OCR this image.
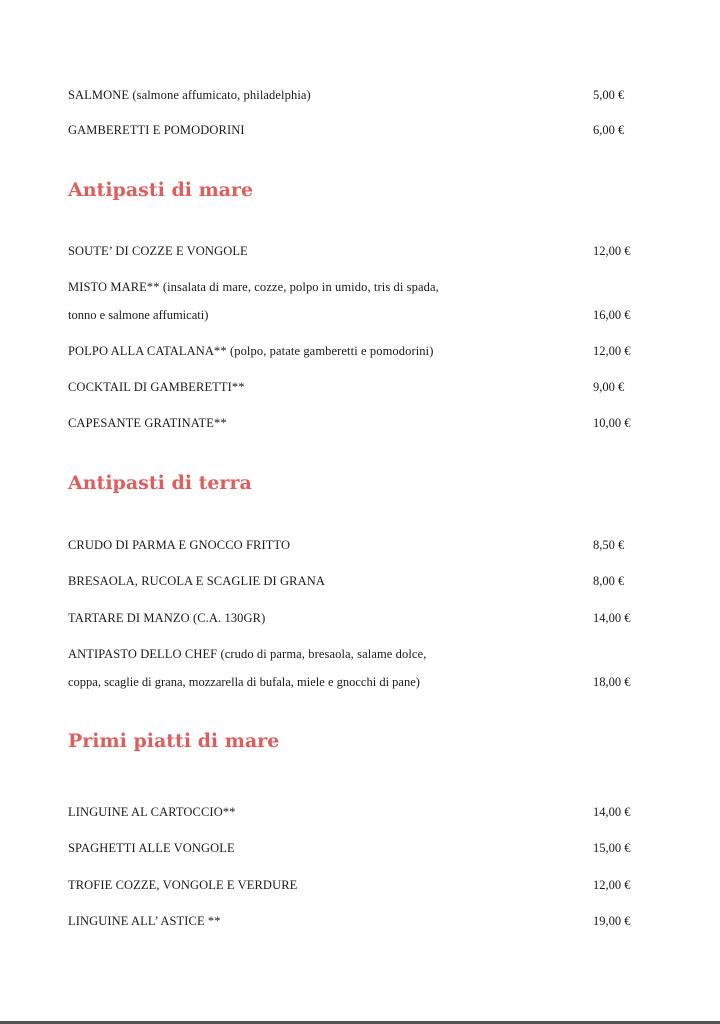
SALMONE (salmone affumicato, philadelphia)	5,00 €
GAMBERETTI E POMODORINI	6,00 €
Antipasti di mare
SOUTE’ DI COZZE E VONGOLE	12,00 €
MISTO MARE** (insalata di mare, cozze, polpo in umido, tris di spada,
tonno e salmone affumicati)	16,00 €
POLPO ALLA CATALANA** (polpo, patate gamberetti e pomodorini)	12,00 €
COCKTAIL DI GAMBERETTI**	9,00 €
CAPESANTE GRATINATE**	10,00 €
Antipasti di terra
CRUDO DI PARMA E GNOCCO FRITTO	8,50 €
BRESAOLA, RUCOLA E SCAGLIE DI GRANA	8,00 €
TARTARE DI MANZO (C.A. 130GR)	14,00 €
ANTIPASTO DELLO CHEF (crudo di parma, bresaola, salame dolce,
coppa, scaglie di grana, mozzarella di bufala, miele e gnocchi di pane)	18,00 €
Primi piatti di mare
LINGUINE AL CARTOCCIO**	14,00 €
SPAGHETTI ALLE VONGOLE	15,00 €
TROFIE COZZE, VONGOLE E VERDURE	12,00 €
LINGUINE ALL’ ASTICE **	19,00 €
